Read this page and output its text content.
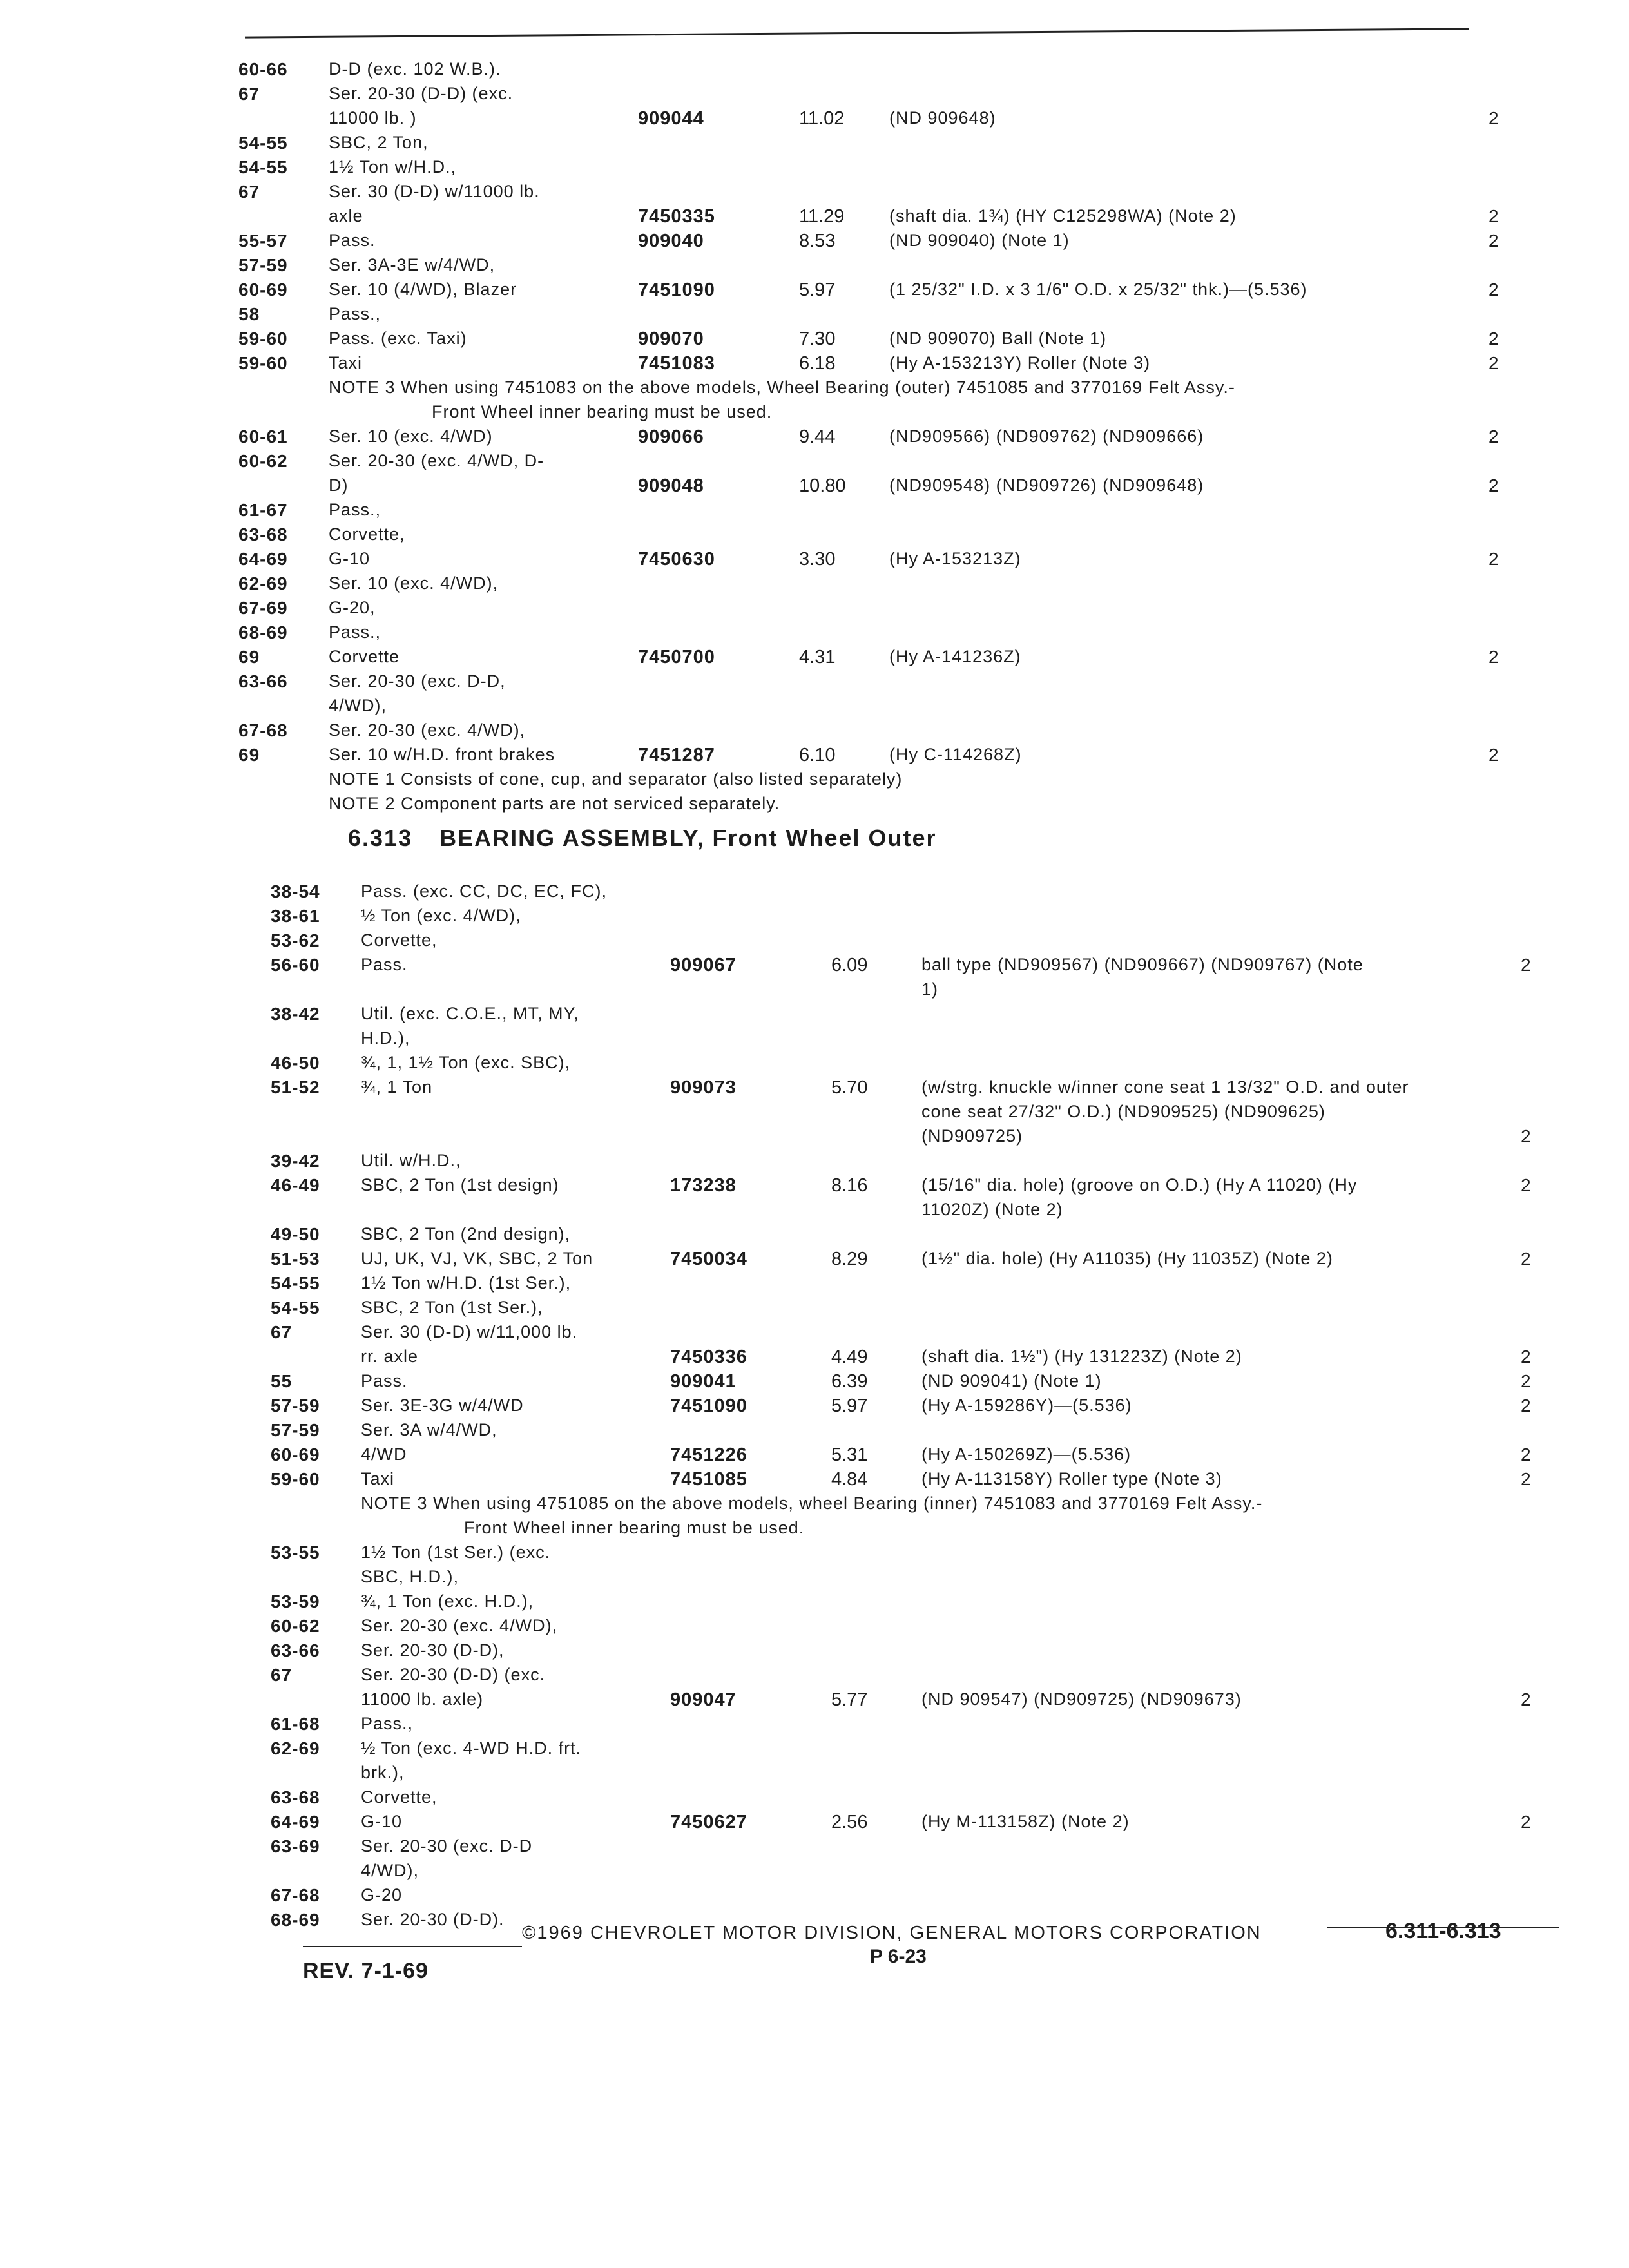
60-66	D-D (exc. 102 W.B.).
67	Ser. 20-30 (D-D) (exc.
11000 lb. )	909044	11.02	(ND 909648)	2
54-55	SBC, 2 Ton,
54-55	1½ Ton w/H.D.,
67	Ser. 30 (D-D) w/11000 lb.
axle	7450335	11.29	(shaft dia. 1¾) (HY C125298WA) (Note 2)	2
55-57	Pass.	909040	8.53	(ND 909040) (Note 1)	2
57-59	Ser. 3A-3E w/4/WD,
60-69	Ser. 10 (4/WD), Blazer	7451090	5.97	(1 25/32" I.D. x 3 1/6" O.D. x 25/32" thk.)—(5.536)	2
58	Pass.,
59-60	Pass. (exc. Taxi)	909070	7.30	(ND 909070) Ball (Note 1)	2
59-60	Taxi	7451083	6.18	(Hy A-153213Y) Roller (Note 3)	2
NOTE 3 When using 7451083 on the above models, Wheel Bearing (outer) 7451085 and 3770169 Felt Assy.-
Front Wheel inner bearing must be used.
60-61	Ser. 10 (exc. 4/WD)	909066	9.44	(ND909566) (ND909762) (ND909666)	2
60-62	Ser. 20-30 (exc. 4/WD, D-
D)	909048	10.80 (ND909548) (ND909726) (ND909648)	2
61-67	Pass.,
63-68	Corvette,
64-69	G-10	7450630	3.30	(Hy A-153213Z)	2
62-69	Ser. 10 (exc. 4/WD),
67-69	G-20,
68-69	Pass.,
69	Corvette	7450700	4.31	(Hy A-141236Z)	2
63-66	Ser. 20-30 (exc. D-D,
4/WD),
67-68	Ser. 20-30 (exc. 4/WD),
69	Ser. 10 w/H.D. front brakes	7451287	6.10	(Hy C-114268Z)	2
NOTE 1 Consists of cone, cup, and separator (also listed separately)
NOTE 2 Component parts are not serviced separately.
6.313 BEARING ASSEMBLY, Front Wheel Outer
38-54	Pass. (exc. CC, DC, EC, FC),
38-61	½ Ton (exc. 4/WD),
53-62	Corvette,
56-60	Pass.	909067	6.09	ball type (ND909567) (ND909667) (ND909767) (Note	2
1)
38-42	Util. (exc. C.O.E., MT, MY,
H.D.),
46-50	¾, 1, 1½ Ton (exc. SBC),
51-52	¾, 1 Ton	909073	5.70	(w/strg. knuckle w/inner cone seat 1 13/32" O.D. and outer
cone seat 27/32" O.D.) (ND909525) (ND909625)
(ND909725)	2
39-42	Util. w/H.D.,
46-49	SBC, 2 Ton (1st design)	173238	8.16	(15/16" dia. hole) (groove on O.D.) (Hy A 11020) (Hy	2
11020Z) (Note 2)
49-50	SBC, 2 Ton (2nd design),
51-53	UJ, UK, VJ, VK, SBC, 2 Ton	7450034	8.29	(1½" dia. hole) (Hy A11035) (Hy 11035Z) (Note 2)	2
54-55	1½ Ton w/H.D. (1st Ser.),
54-55	SBC, 2 Ton (1st Ser.),
67	Ser. 30 (D-D) w/11,000 lb.
rr. axle	7450336	4.49	(shaft dia. 1½") (Hy 131223Z) (Note 2)	2
55	Pass.	909041	6.39	(ND 909041) (Note 1)	2
57-59	Ser. 3E-3G w/4/WD	7451090	5.97	(Hy A-159286Y)—(5.536)	2
57-59	Ser. 3A w/4/WD,
60-69	4/WD	7451226	5.31	(Hy A-150269Z)—(5.536)	2
59-60	Taxi	7451085	4.84	(Hy A-113158Y) Roller type (Note 3)	2
NOTE 3 When using 4751085 on the above models, wheel Bearing (inner) 7451083 and 3770169 Felt Assy.-
Front Wheel inner bearing must be used.
53-55	1½ Ton (1st Ser.) (exc.
SBC, H.D.),
53-59	¾, 1 Ton (exc. H.D.),
60-62	Ser. 20-30 (exc. 4/WD),
63-66	Ser. 20-30 (D-D),
67	Ser. 20-30 (D-D) (exc.
11000 lb. axle)	909047	5.77	(ND 909547) (ND909725) (ND909673)	2
61-68	Pass.,
62-69	½ Ton (exc. 4-WD H.D. frt.
brk.),
63-68	Corvette,
64-69	G-10	7450627	2.56	(Hy M-113158Z) (Note 2)	2
63-69	Ser. 20-30 (exc. D-D
4/WD),
67-68	G-20
68-69	Ser. 20-30 (D-D).
©1969 CHEVROLET MOTOR DIVISION, GENERAL MOTORS CORPORATION	6.311-6.313
REV. 7-1-69
P 6-23
